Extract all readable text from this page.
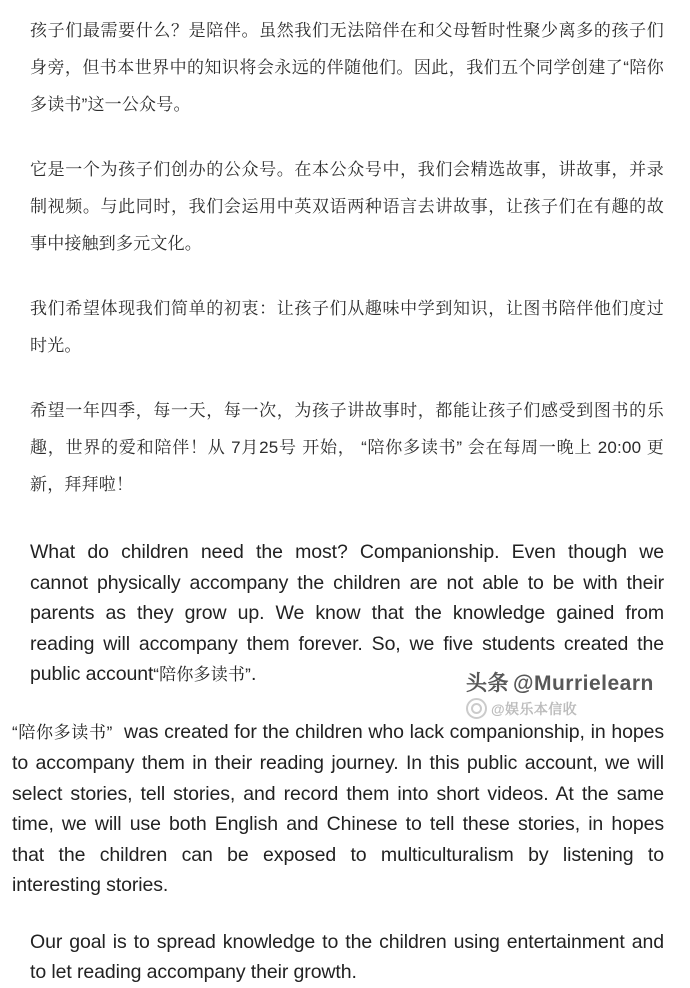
孩子们最需要什么？是陪伴。虽然我们无法陪伴在和父母暂时性聚少离多的孩子们身旁，但书本世界中的知识将会永远的伴随他们。因此，我们五个同学创建了“陪你多读书”这一公众号。

它是一个为孩子们创办的公众号。在本公众号中，我们会精选故事，讲故事，并录制视频。与此同时，我们会运用中英双语两种语言去讲故事，让孩子们在有趣的故事中接触到多元文化。

我们希望体现我们简单的初衷：让孩子们从趣味中学到知识，让图书陪伴他们度过时光。

希望一年四季，每一天，每一次，为孩子讲故事时，都能让孩子们感受到图书的乐趣，世界的爱和陪伴！从 7月25号 开始， “陪你多读书” 会在每周一晚上 20:00 更新，拜拜啦！

What do children need the most? Companionship. Even though we cannot physically accompany the children are not able to be with their parents as they grow up. We know that the knowledge gained from reading will accompany them forever. So, we five students created the public account“陪你多读书”.

“陪你多读书” was created for the children who lack companionship, in hopes to accompany them in their reading journey. In this public account, we will select stories, tell stories, and record them into short videos. At the same time, we will use both English and Chinese to tell these stories, in hopes that the children can be exposed to multiculturalism by listening to interesting stories.

Our goal is to spread knowledge to the children using entertainment and to let reading accompany their growth.

头条 @Murrielearn
@娱乐本信收
